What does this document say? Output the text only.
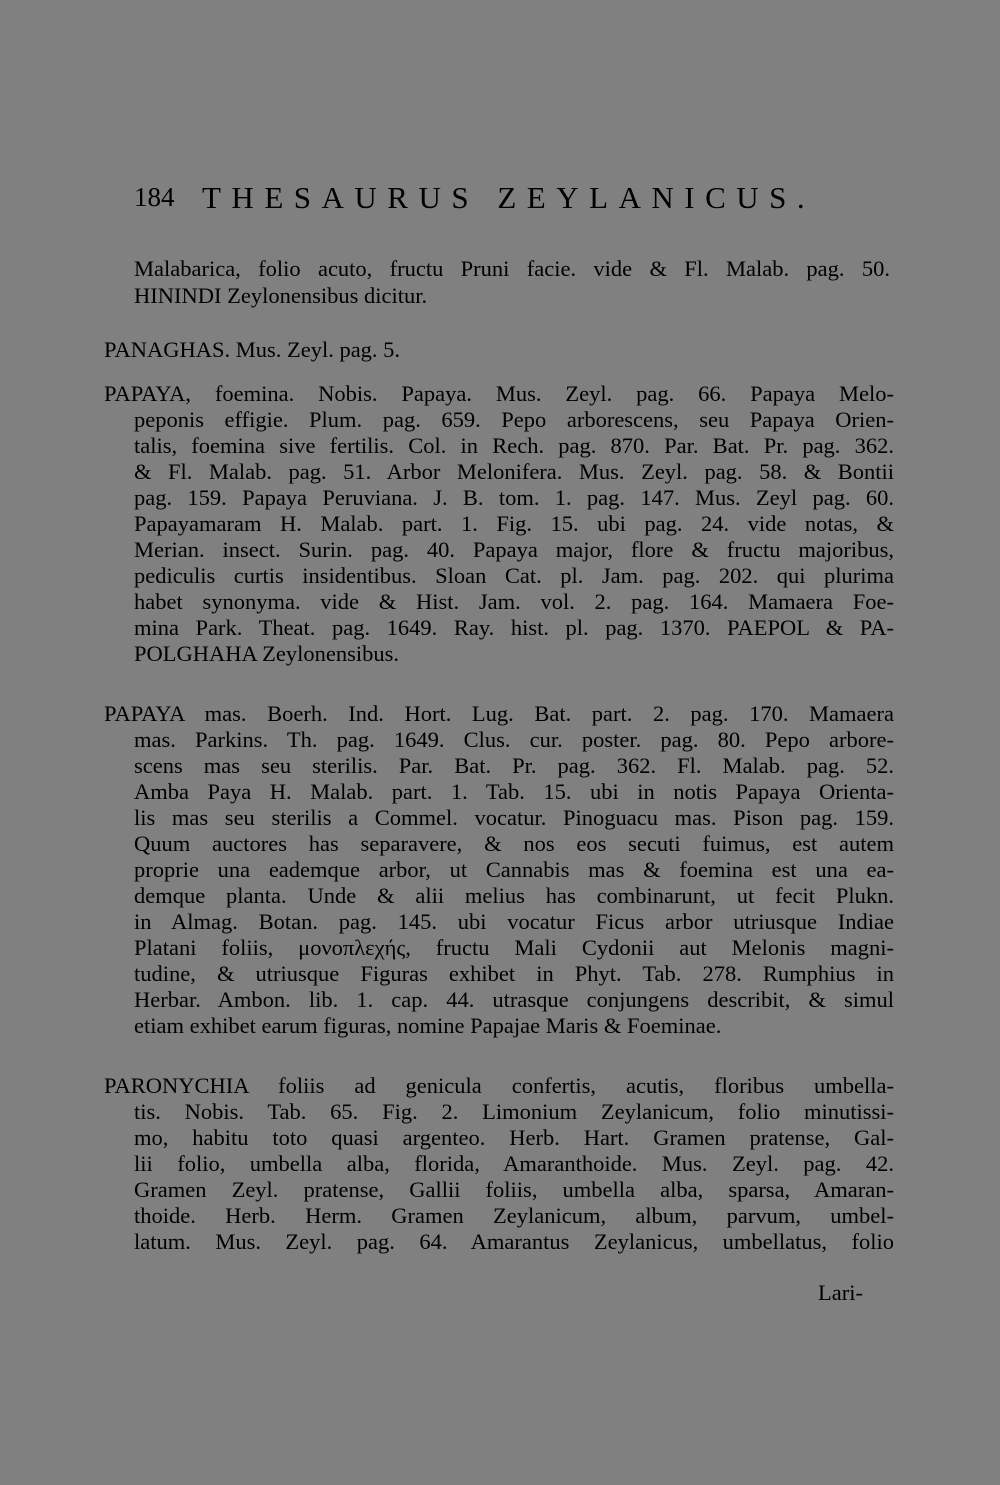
184 THESAURUS ZEYLANICUS.
Malabarica, folio acuto, fructu Pruni facie. vide & Fl. Malab. pag. 50.
HININDI Zeylonensibus dicitur.
PANAGHAS. Mus. Zeyl. pag. 5.
PAPAYA, foemina. Nobis. Papaya. Mus. Zeyl. pag. 66. Papaya Melo-
peponis effigie. Plum. pag. 659. Pepo arborescens, seu Papaya Orien-
talis, foemina sive fertilis. Col. in Rech. pag. 870. Par. Bat. Pr. pag. 362.
& Fl. Malab. pag. 51. Arbor Melonifera. Mus. Zeyl. pag. 58. & Bontii
pag. 159. Papaya Peruviana. J. B. tom. 1. pag. 147. Mus. Zeyl pag. 60.
Papayamaram H. Malab. part. 1. Fig. 15. ubi pag. 24. vide notas, &
Merian. insect. Surin. pag. 40. Papaya major, flore & fructu majoribus,
pediculis curtis insidentibus. Sloan Cat. pl. Jam. pag. 202. qui plurima
habet synonyma. vide & Hist. Jam. vol. 2. pag. 164. Mamaera Foe-
mina Park. Theat. pag. 1649. Ray. hist. pl. pag. 1370. PAEPOL & PA-
POLGHAHA Zeylonensibus.
PAPAYA mas. Boerh. Ind. Hort. Lug. Bat. part. 2. pag. 170. Mamaera
mas. Parkins. Th. pag. 1649. Clus. cur. poster. pag. 80. Pepo arbore-
scens mas seu sterilis. Par. Bat. Pr. pag. 362. Fl. Malab. pag. 52.
Amba Paya H. Malab. part. 1. Tab. 15. ubi in notis Papaya Orienta-
lis mas seu sterilis a Commel. vocatur. Pinoguacu mas. Pison pag. 159.
Quum auctores has separavere, & nos eos secuti fuimus, est autem
proprie una eademque arbor, ut Cannabis mas & foemina est una ea-
demque planta. Unde & alii melius has combinarunt, ut fecit Plukn.
in Almag. Botan. pag. 145. ubi vocatur Ficus arbor utriusque Indiae
Platani foliis, μονοπλεχής, fructu Mali Cydonii aut Melonis magni-
tudine, & utriusque Figuras exhibet in Phyt. Tab. 278. Rumphius in
Herbar. Ambon. lib. 1. cap. 44. utrasque conjungens describit, & simul
etiam exhibet earum figuras, nomine Papajae Maris & Foeminae.
PARONYCHIA foliis ad genicula confertis, acutis, floribus umbella-
tis. Nobis. Tab. 65. Fig. 2. Limonium Zeylanicum, folio minutissi-
mo, habitu toto quasi argenteo. Herb. Hart. Gramen pratense, Gal-
lii folio, umbella alba, florida, Amaranthoide. Mus. Zeyl. pag. 42.
Gramen Zeyl. pratense, Gallii foliis, umbella alba, sparsa, Amaran-
thoide. Herb. Herm. Gramen Zeylanicum, album, parvum, umbel-
latum. Mus. Zeyl. pag. 64. Amarantus Zeylanicus, umbellatus, folio
Lari-
